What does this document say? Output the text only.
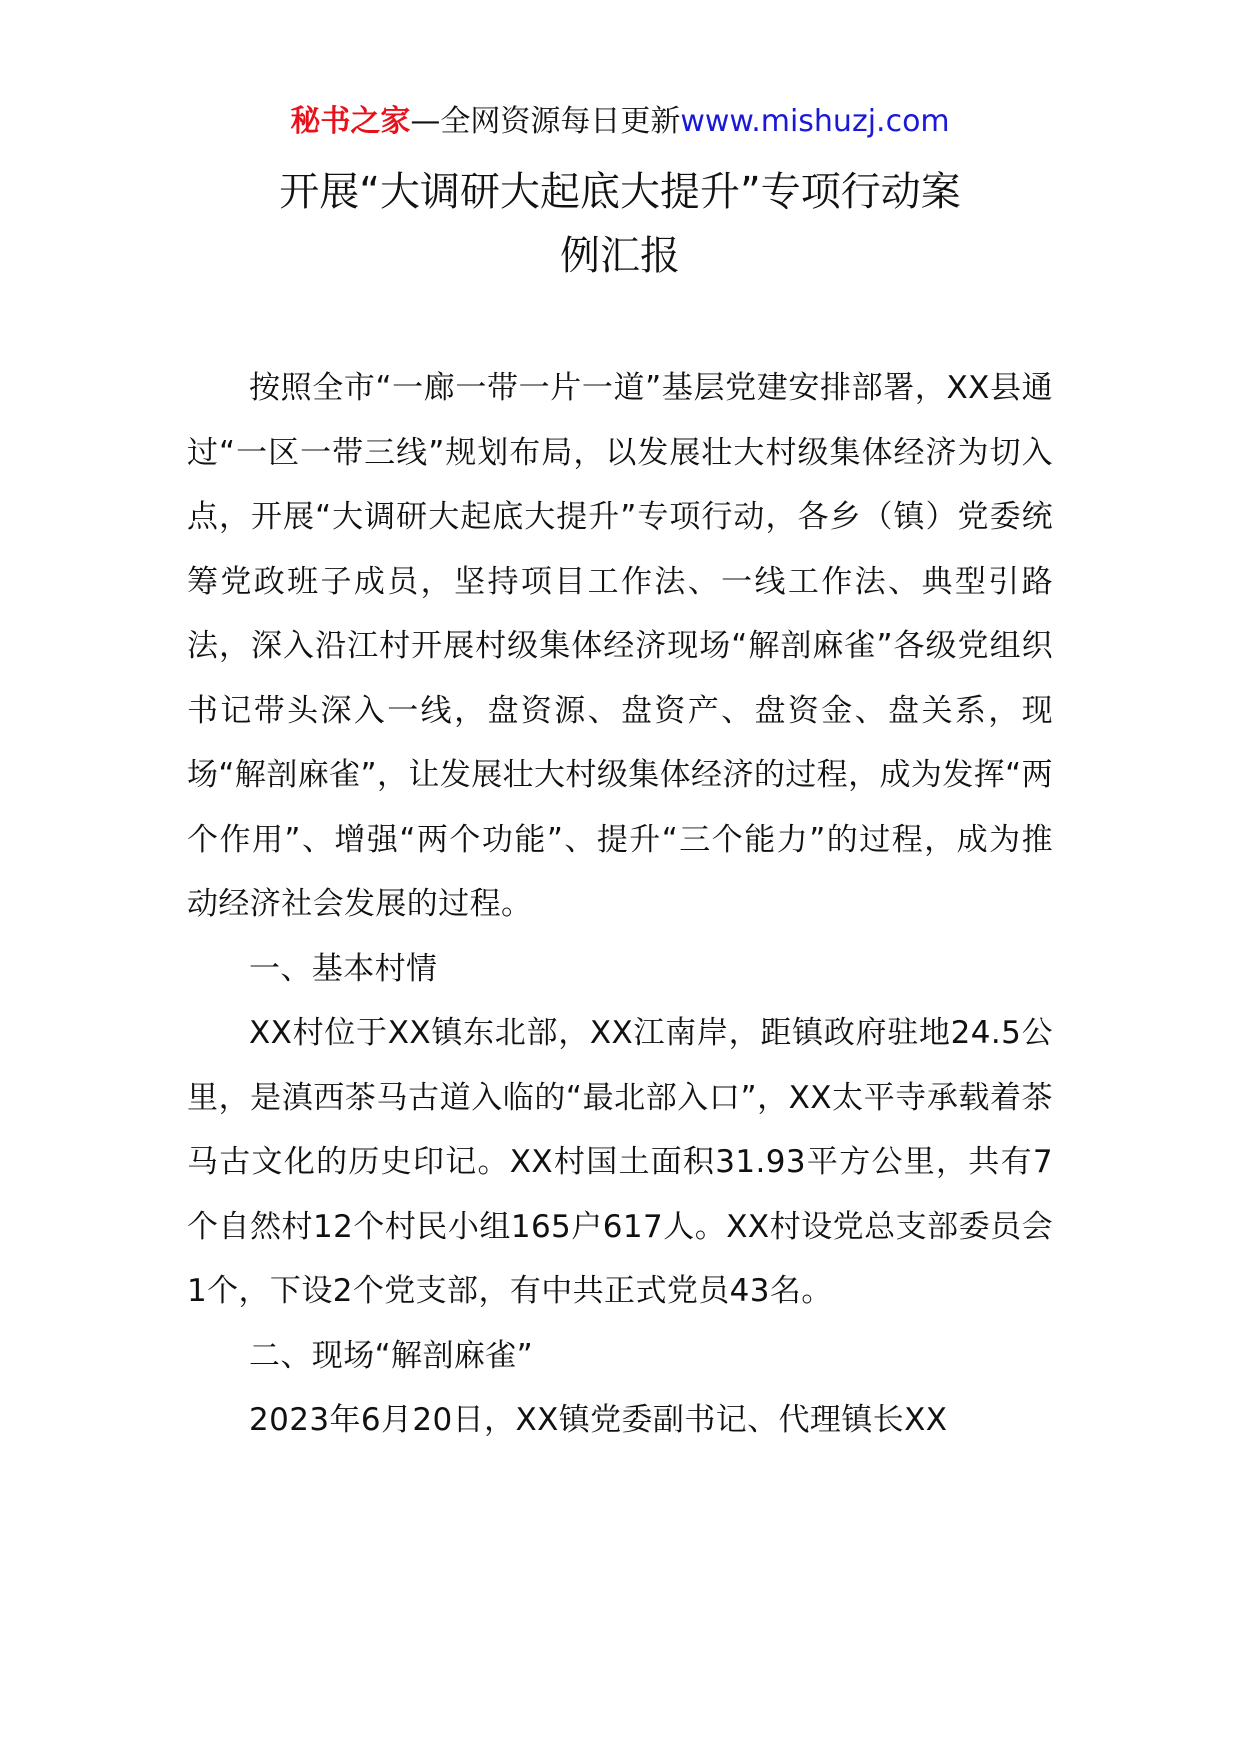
秘书之家—全网资源每日更新www.mishuzj.com
开展“大调研大起底大提升”专项行动案
例汇报

按照全市“一廊一带一片一道”基层党建安排部署，XX县通过“一区一带三线”规划布局，以发展壮大村级集体经济为切入点，开展“大调研大起底大提升”专项行动，各乡（镇）党委统筹党政班子成员，坚持项目工作法、一线工作法、典型引路法，深入沿江村开展村级集体经济现场“解剖麻雀”各级党组织书记带头深入一线，盘资源、盘资产、盘资金、盘关系，现场“解剖麻雀”，让发展壮大村级集体经济的过程，成为发挥“两个作用”、增强“两个功能”、提升“三个能力”的过程，成为推动经济社会发展的过程。

一、基本村情

XX村位于XX镇东北部，XX江南岸，距镇政府驻地24.5公里，是滇西茶马古道入临的“最北部入口”，XX太平寺承载着茶马古文化的历史印记。XX村国土面积31.93平方公里，共有7个自然村12个村民小组165户617人。XX村设党总支部委员会1个，下设2个党支部，有中共正式党员43名。

二、现场“解剖麻雀”

2023年6月20日，XX镇党委副书记、代理镇长XX
